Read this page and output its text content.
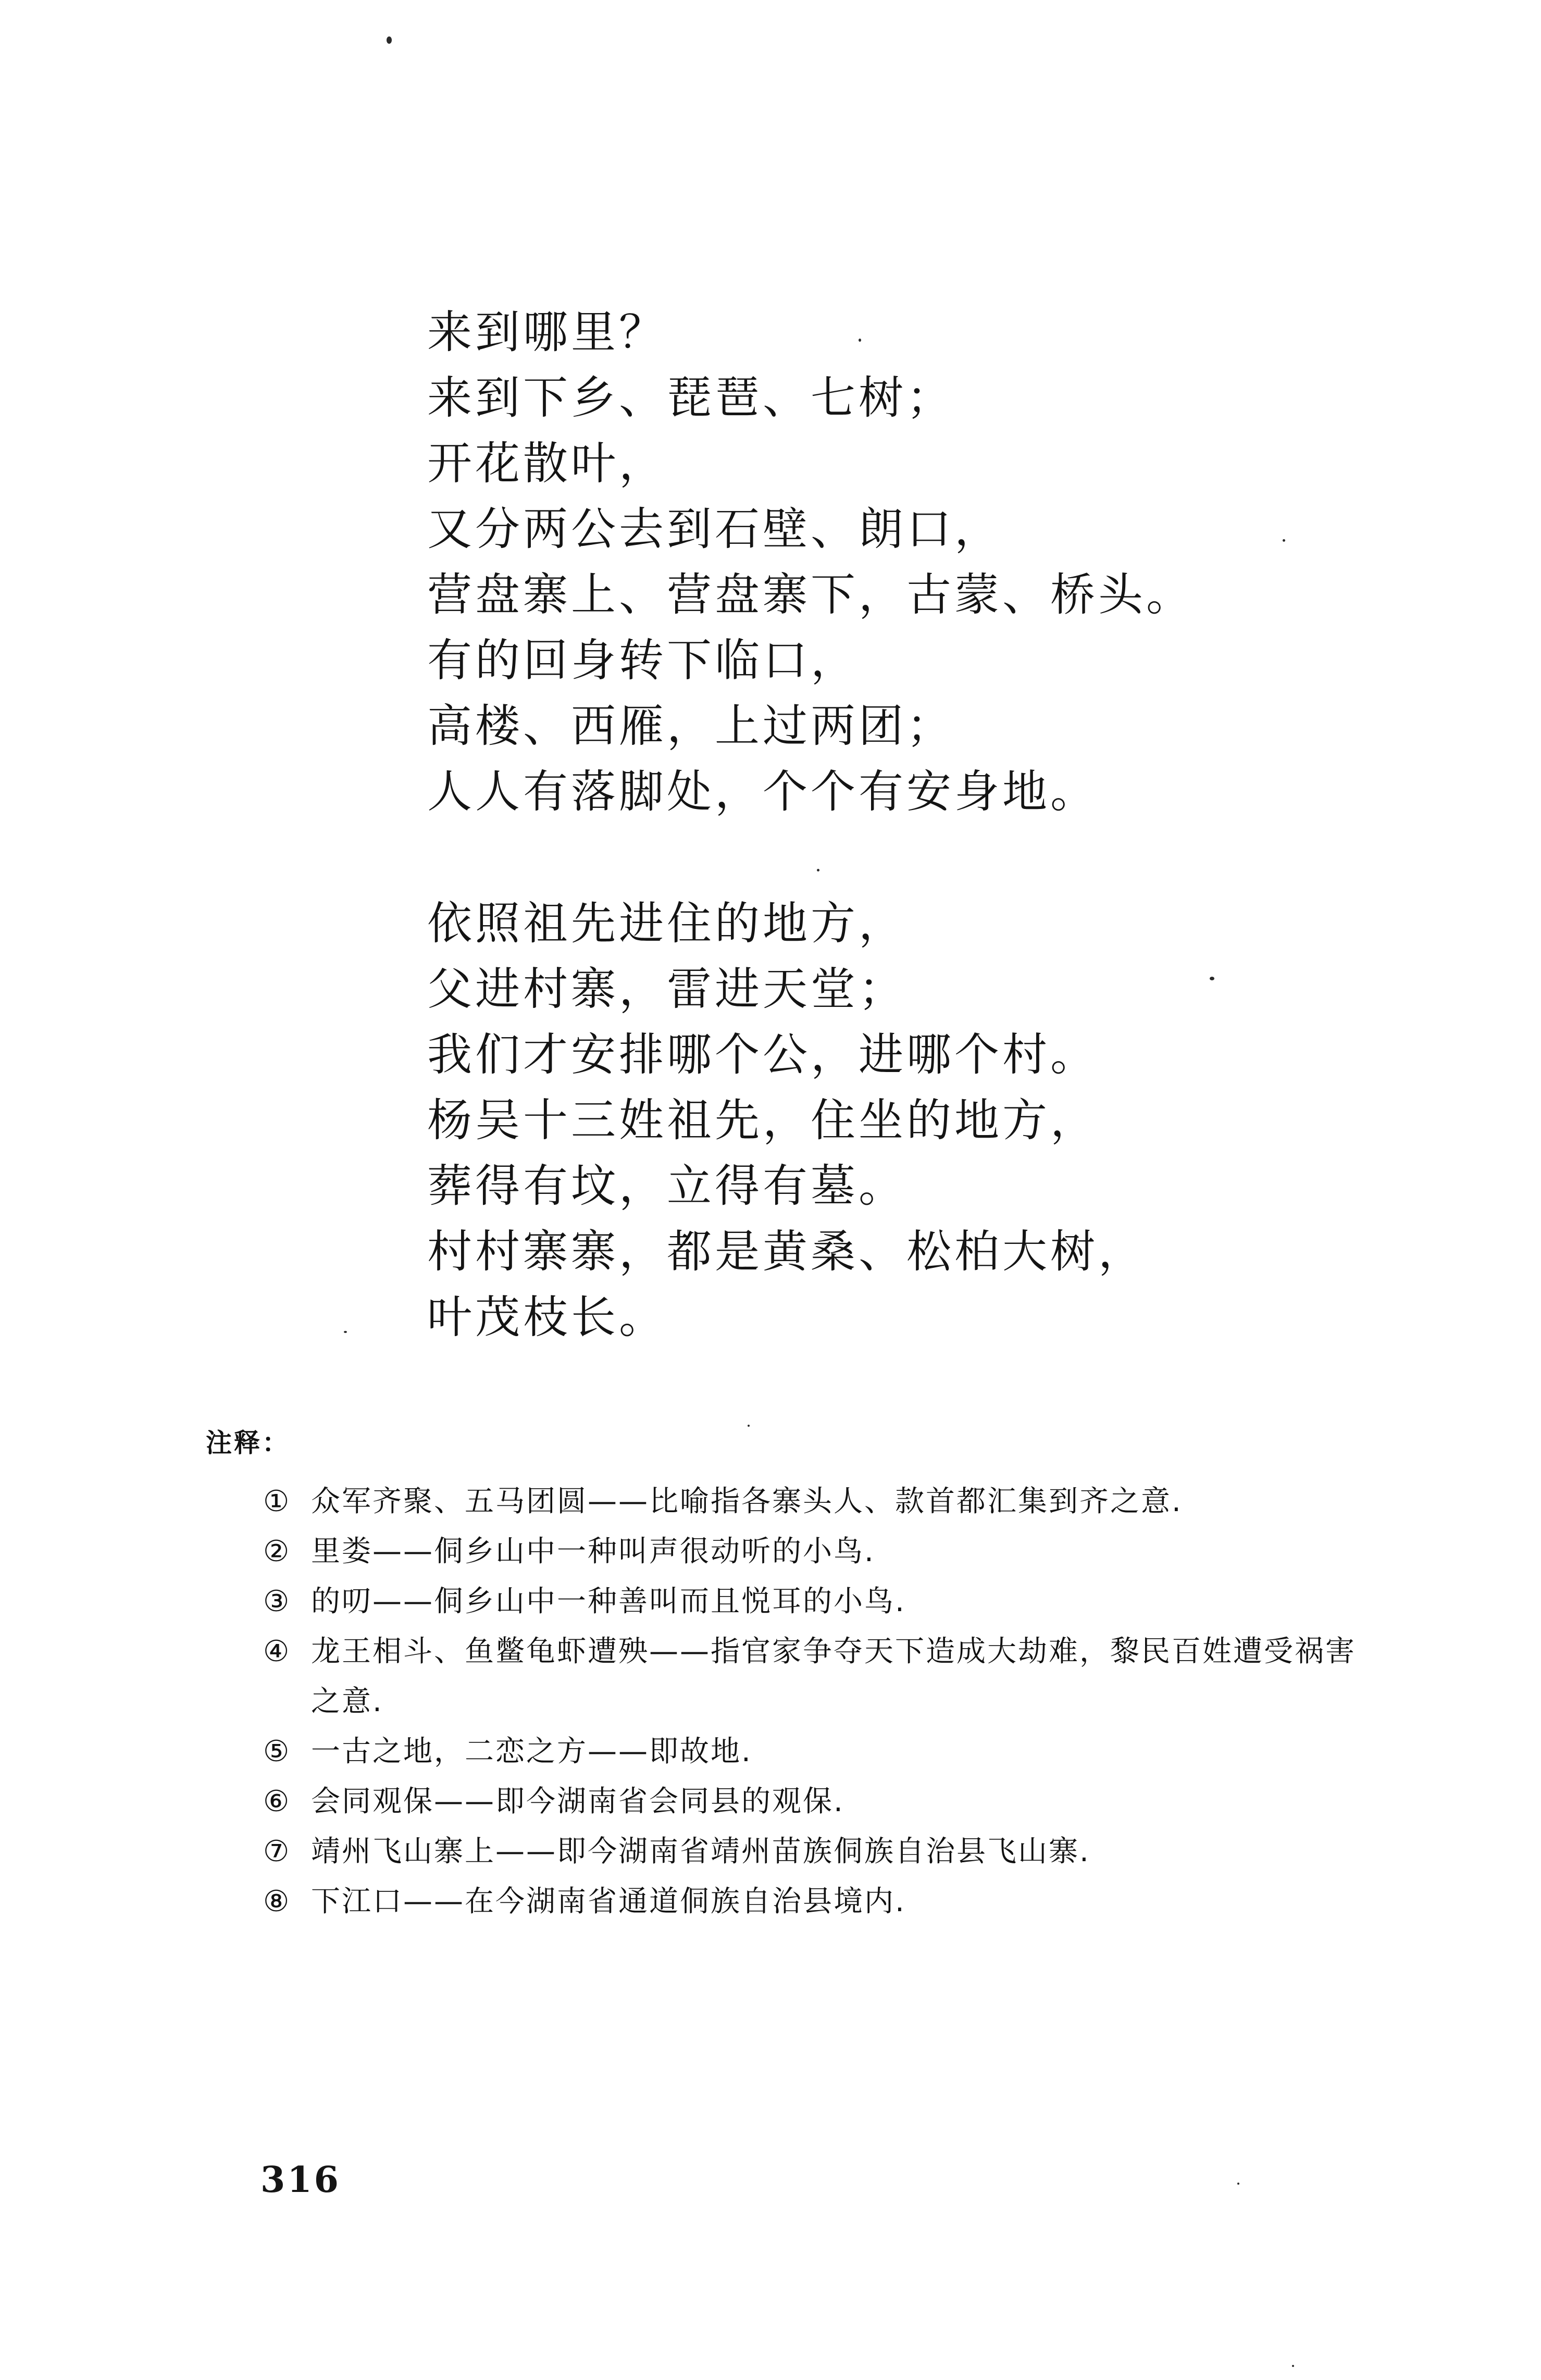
来到哪里？
来到下乡、琵琶、七树；
开花散叶，
又分两公去到石壁、朗口，
营盘寨上、营盘寨下，古蒙、桥头。
有的回身转下临口，
高楼、西雁，上过两团；
人人有落脚处，个个有安身地。
依照祖先进住的地方，
父进村寨，雷进天堂；
我们才安排哪个公，进哪个村。
杨吴十三姓祖先，住坐的地方，
葬得有坟，立得有墓。
村村寨寨，都是黄桑、松柏大树，
叶茂枝长。
注释：
① 众军齐聚、五马团圆——比喻指各寨头人、款首都汇集到齐之意.
② 里娄——侗乡山中一种叫声很动听的小鸟.
③ 的叨——侗乡山中一种善叫而且悦耳的小鸟.
④ 龙王相斗、鱼鳖龟虾遭殃——指官家争夺天下造成大劫难，黎民百姓遭受祸害之意.
⑤ 一古之地，二恋之方——即故地.
⑥ 会同观保——即今湖南省会同县的观保.
⑦ 靖州飞山寨上——即今湖南省靖州苗族侗族自治县飞山寨.
⑧ 下江口——在今湖南省通道侗族自治县境内.
316
